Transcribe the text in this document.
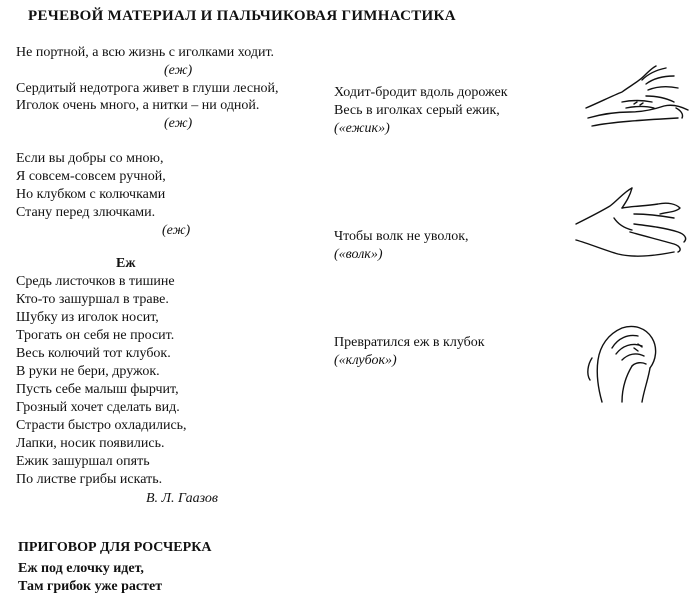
РЕЧЕВОЙ МАТЕРИАЛ И ПАЛЬЧИКОВАЯ ГИМНАСТИКА
Не портной, а всю жизнь с иголками ходит.
(еж)
Сердитый недотрога живет в глуши лесной,
Иголок очень много, а нитки – ни одной.
(еж)
Если вы добры со мною,
Я совсем-совсем ручной,
Но клубком с колючками
Стану перед злючками.
(еж)
Еж
Средь листочков в тишине
Кто-то зашуршал в траве.
Шубку из иголок носит,
Трогать он себя не просит.
Весь колючий тот клубок.
В руки не бери, дружок.
Пусть себе малыш фырчит,
Грозный хочет сделать вид.
Страсти быстро охладились,
Лапки, носик появились.
Ежик зашуршал опять
По листве грибы искать.
В. Л. Гаазов
Ходит-бродит вдоль дорожек
Весь в иголках серый ежик,
(«ежик»)
Чтобы волк не уволок,
(«волк»)
Превратился еж в клубок
(«клубок»)
ПРИГОВОР ДЛЯ РОСЧЕРКА
Еж под елочку идет,
Там грибок уже растет
